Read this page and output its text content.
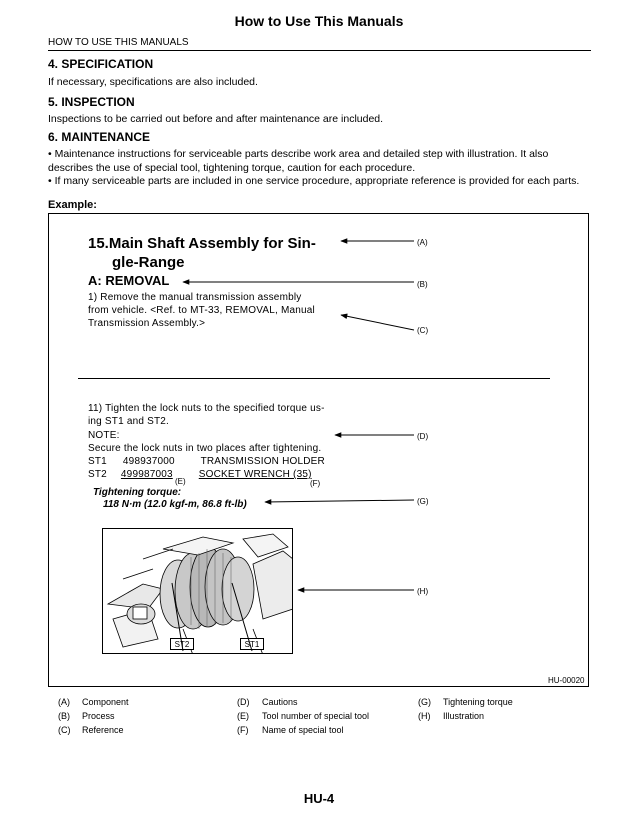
How to Use This Manuals
HOW TO USE THIS MANUALS
4. SPECIFICATION
If necessary, specifications are also included.
5. INSPECTION
Inspections to be carried out before and after maintenance are included.
6. MAINTENANCE
• Maintenance instructions for serviceable parts describe work area and detailed step with illustration. It also describes the use of special tool, tightening torque, caution for each procedure.
• If many serviceable parts are included in one service procedure, appropriate reference is provided for each parts.
Example:
15.Main Shaft Assembly for Sin-
gle-Range
A: REMOVAL
1) Remove the manual transmission assembly
from vehicle. <Ref. to MT-33, REMOVAL, Manual
Transmission Assembly.>
11) Tighten the lock nuts to the specified torque us-
ing ST1 and ST2.
NOTE:
Secure the lock nuts in two places after tightening.
ST1 498937000	TRANSMISSION HOLDER
ST2 499987003	SOCKET WRENCH (35)
(E)	(F)
Tightening torque:
118 N·m (12.0 kgf-m, 86.8 ft-lb)
(A)
(B)
(C)
(D)
(G)
(H)
ST2	ST1
HU-00020
(A) Component
(B) Process
(C) Reference
(D) Cautions
(E) Tool number of special tool
(F) Name of special tool
(G) Tightening torque
(H) Illustration
HU-4
